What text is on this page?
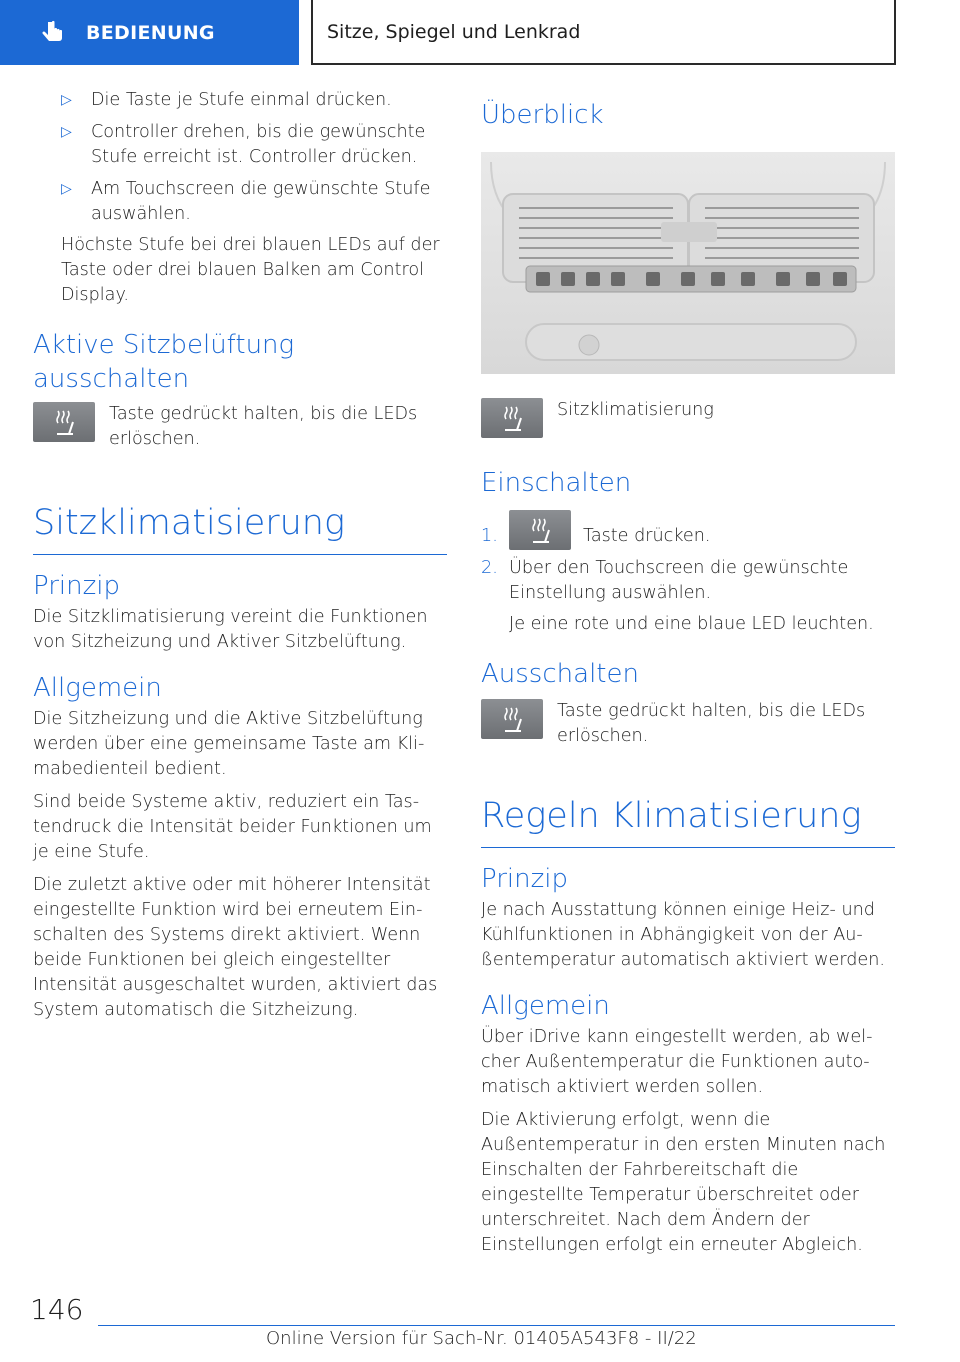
BEDIENUNG	Sitze, Spiegel und Lenkrad
▷ Die Taste je Stufe einmal drücken.
▷ Controller drehen, bis die gewünschte Stufe erreicht ist. Controller drücken.
▷ Am Touchscreen die gewünschte Stufe auswählen.

Höchste Stufe bei drei blauen LEDs auf der Taste oder drei blauen Balken am Control Display.

Aktive Sitzbelüftung ausschalten

Taste gedrückt halten, bis die LEDs erlöschen.

Sitzklimatisierung
Prinzip

Die Sitzklimatisierung vereint die Funktionen von Sitzheizung und Aktiver Sitzbelüftung.

Allgemein

Die Sitzheizung und die Aktive Sitzbelüftung werden über eine gemeinsame Taste am Klimabedienteil bedient.

Sind beide Systeme aktiv, reduziert ein Tastendruck die Intensität beider Funktionen um je eine Stufe.

Die zuletzt aktive oder mit höherer Intensität eingestellte Funktion wird bei erneutem Einschalten des Systems direkt aktiviert. Wenn beide Funktionen bei gleich eingestellter Intensität ausgeschaltet wurden, aktiviert das System automatisch die Sitzheizung.

Überblick

Sitzklimatisierung

Einschalten
1.	Taste drücken.
2. Über den Touchscreen die gewünschte Einstellung auswählen.

Je eine rote und eine blaue LED leuchten.

Ausschalten

Taste gedrückt halten, bis die LEDs erlöschen.

Regeln Klimatisierung
Prinzip

Je nach Ausstattung können einige Heiz- und Kühlfunktionen in Abhängigkeit von der Außentemperatur automatisch aktiviert werden.

Allgemein

Über iDrive kann eingestellt werden, ab welcher Außentemperatur die Funktionen automatisch aktiviert werden sollen.

Die Aktivierung erfolgt, wenn die Außentemperatur in den ersten Minuten nach Einschalten der Fahrbereitschaft die eingestellte Temperatur überschreitet oder unterschreitet. Nach dem Ändern der Einstellungen erfolgt ein erneuter Abgleich.

146
Online Version für Sach-Nr. 01405A543F8 - II/22
